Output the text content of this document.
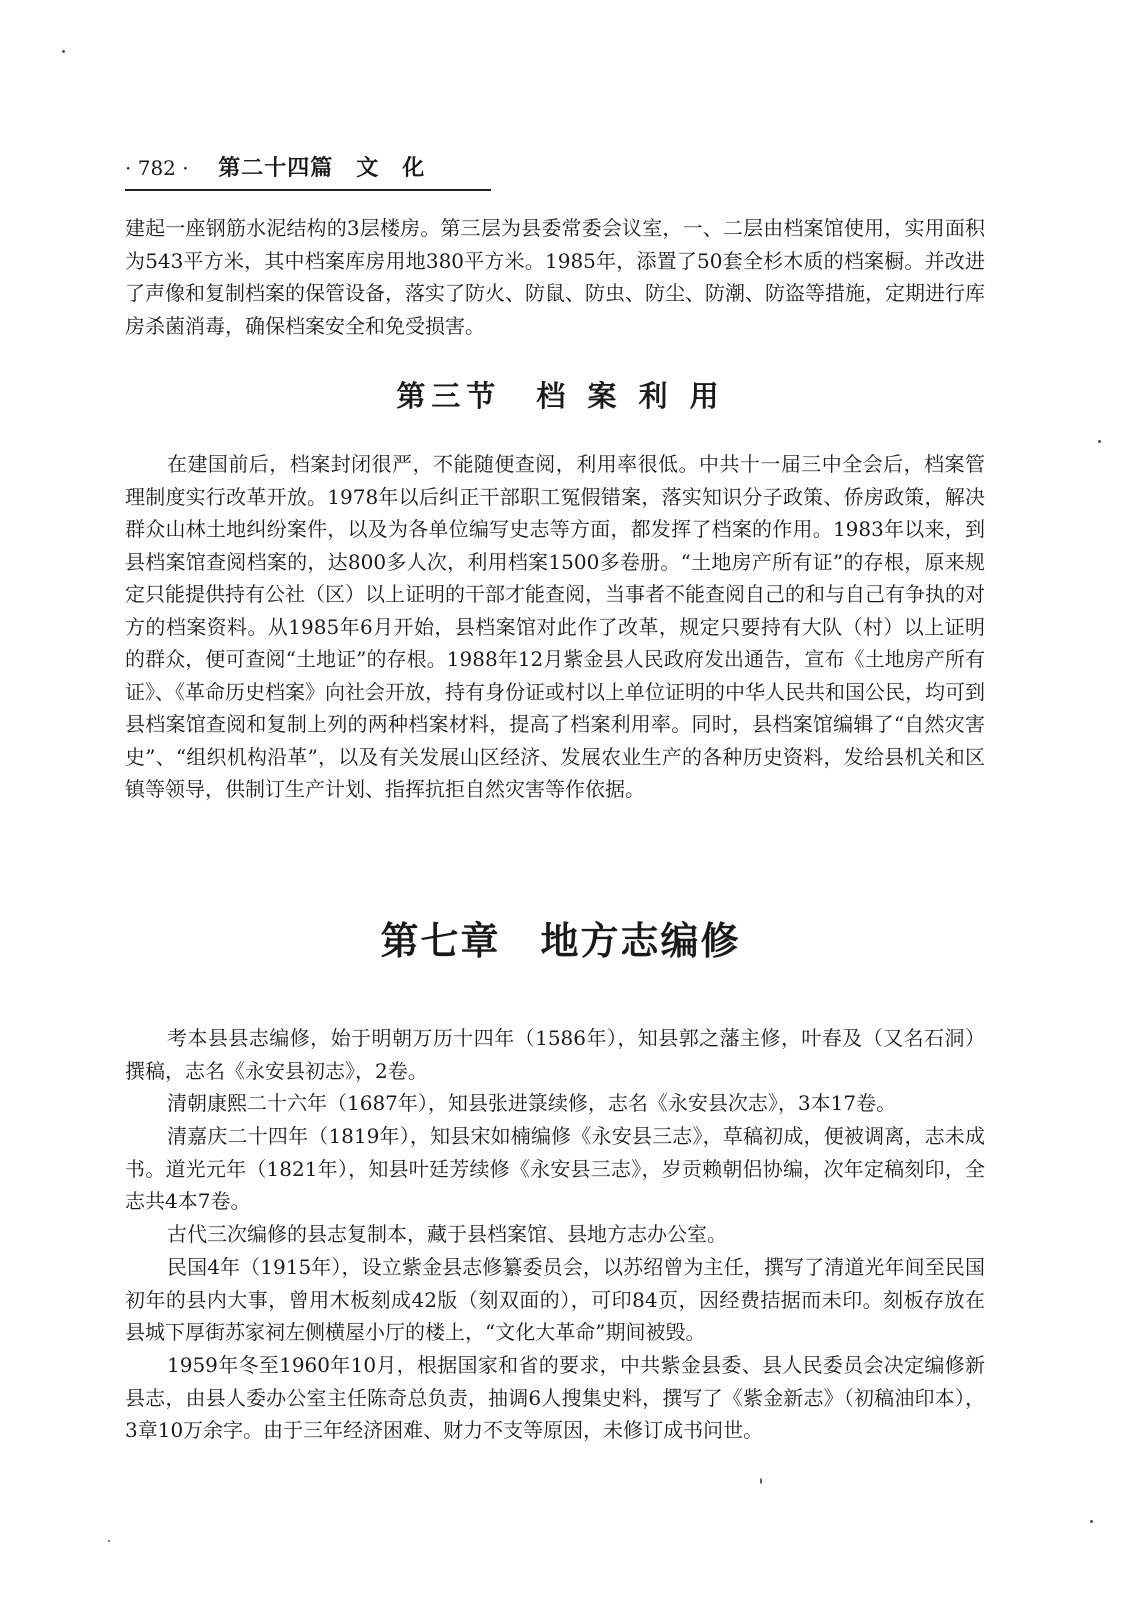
· 782 · 第二十四篇　文　化

建起一座钢筋水泥结构的3层楼房。第三层为县委常委会议室，一、二层由档案馆使用，实用面积为543平方米，其中档案库房用地380平方米。1985年，添置了50套全杉木质的档案橱。并改进了声像和复制档案的保管设备，落实了防火、防鼠、防虫、防尘、防潮、防盗等措施，定期进行库房杀菌消毒，确保档案安全和免受损害。

第三节　档 案 利 用

在建国前后，档案封闭很严，不能随便查阅，利用率很低。中共十一届三中全会后，档案管理制度实行改革开放。1978年以后纠正干部职工冤假错案，落实知识分子政策、侨房政策，解决群众山林土地纠纷案件，以及为各单位编写史志等方面，都发挥了档案的作用。1983年以来，到县档案馆查阅档案的，达800多人次，利用档案1500多卷册。“土地房产所有证”的存根，原来规定只能提供持有公社（区）以上证明的干部才能查阅，当事者不能查阅自己的和与自己有争执的对方的档案资料。从1985年6月开始，县档案馆对此作了改革，规定只要持有大队（村）以上证明的群众，便可查阅“土地证”的存根。1988年12月紫金县人民政府发出通告，宣布《土地房产所有证》、《革命历史档案》向社会开放，持有身份证或村以上单位证明的中华人民共和国公民，均可到县档案馆查阅和复制上列的两种档案材料，提高了档案利用率。同时，县档案馆编辑了“自然灾害史”、“组织机构沿革”，以及有关发展山区经济、发展农业生产的各种历史资料，发给县机关和区镇等领导，供制订生产计划、指挥抗拒自然灾害等作依据。

第七章　地方志编修

考本县县志编修，始于明朝万历十四年（1586年），知县郭之藩主修，叶春及（又名石洞）撰稿，志名《永安县初志》，2卷。

清朝康熙二十六年（1687年），知县张进箓续修，志名《永安县次志》，3本17卷。

清嘉庆二十四年（1819年），知县宋如楠编修《永安县三志》，草稿初成，便被调离，志未成书。道光元年（1821年），知县叶廷芳续修《永安县三志》，岁贡赖朝侣协编，次年定稿刻印，全志共4本7卷。

古代三次编修的县志复制本，藏于县档案馆、县地方志办公室。

民国4年（1915年），设立紫金县志修纂委员会，以苏绍曾为主任，撰写了清道光年间至民国初年的县内大事，曾用木板刻成42版（刻双面的），可印84页，因经费拮据而未印。刻板存放在县城下厚街苏家祠左侧横屋小厅的楼上，“文化大革命”期间被毁。

1959年冬至1960年10月，根据国家和省的要求，中共紫金县委、县人民委员会决定编修新县志，由县人委办公室主任陈奇总负责，抽调6人搜集史料，撰写了《紫金新志》（初稿油印本），3章10万余字。由于三年经济困难、财力不支等原因，未修订成书问世。
